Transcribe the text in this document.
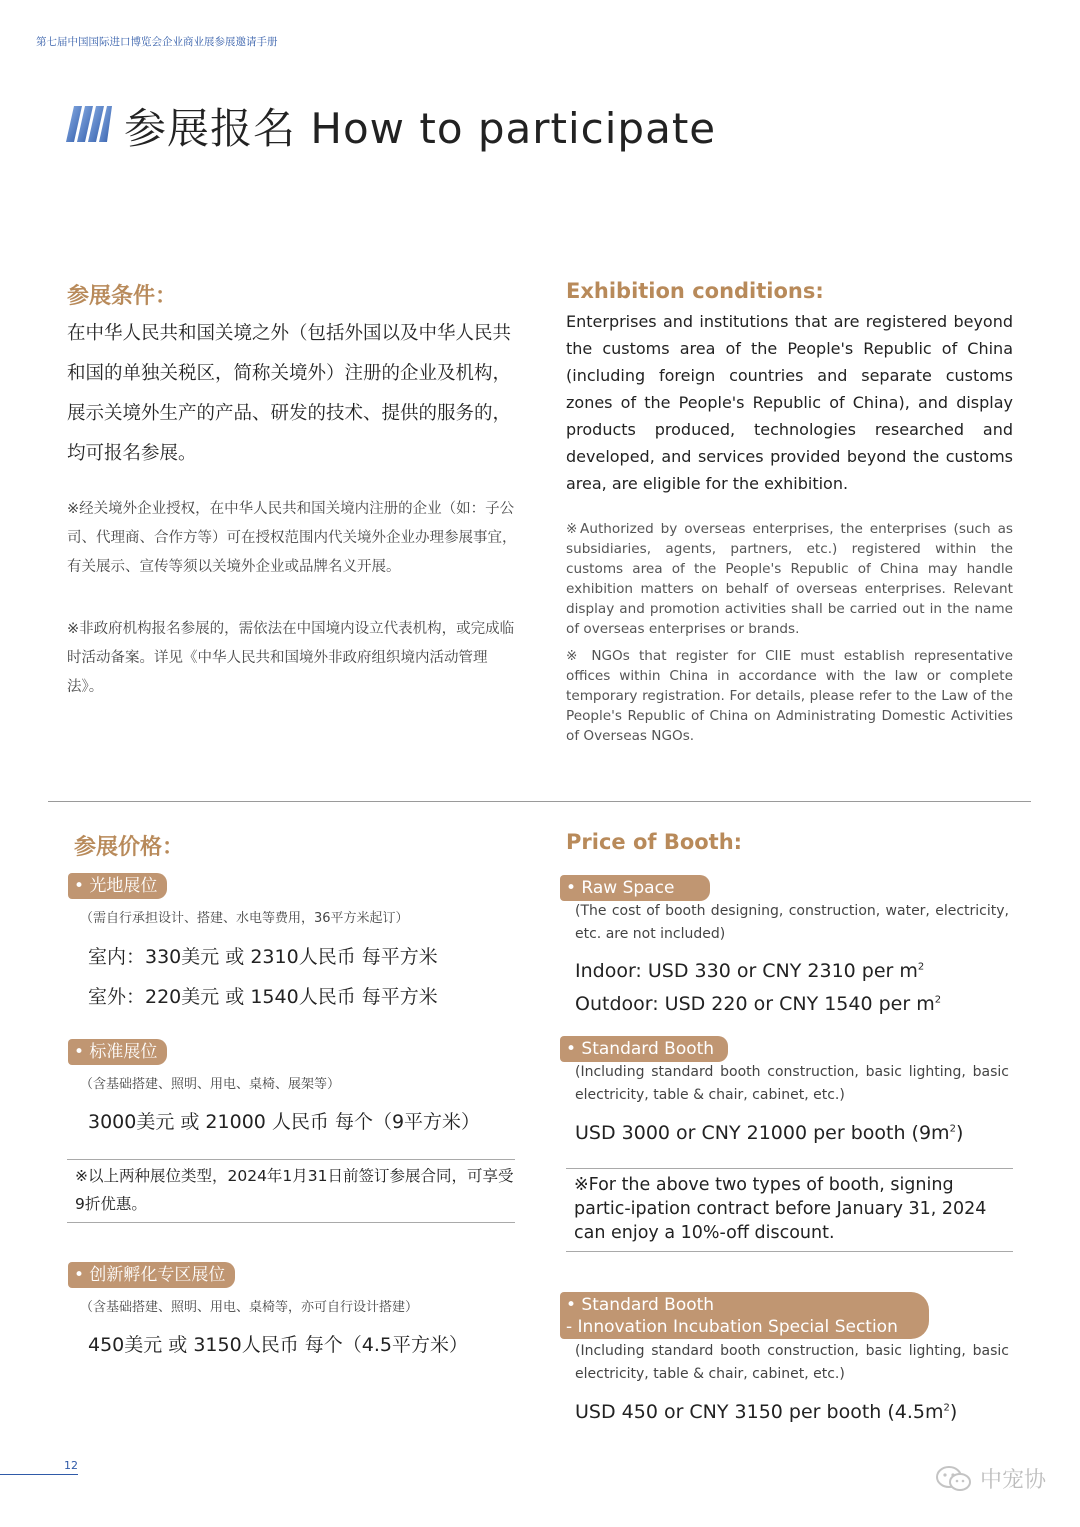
第七届中国国际进口博览会企业商业展参展邀请手册
参展报名 How to participate
参展条件：
在中华人民共和国关境之外（包括外国以及中华人民共和国的单独关税区，简称关境外）注册的企业及机构，展示关境外生产的产品、研发的技术、提供的服务的，均可报名参展。
※经关境外企业授权，在中华人民共和国关境内注册的企业（如：子公司、代理商、合作方等）可在授权范围内代关境外企业办理参展事宜，有关展示、宣传等须以关境外企业或品牌名义开展。
※非政府机构报名参展的，需依法在中国境内设立代表机构，或完成临时活动备案。详见《中华人民共和国境外非政府组织境内活动管理法》。
Exhibition conditions:
Enterprises and institutions that are registered beyond the customs area of the People's Republic of China (including foreign countries and separate customs zones of the People's Republic of China), and display products produced, technologies researched and developed, and services provided beyond the customs area, are eligible for the exhibition.
※Authorized by overseas enterprises, the enterprises (such as subsidiaries, agents, partners, etc.) registered within the customs area of the People's Republic of China may handle exhibition matters on behalf of overseas enterprises. Relevant display and promotion activities shall be carried out in the name of overseas enterprises or brands.
※ NGOs that register for CIIE must establish representative offices within China in accordance with the law or complete temporary registration. For details, please refer to the Law of the People's Republic of China on Administrating Domestic Activities of Overseas NGOs.
参展价格：
• 光地展位
（需自行承担设计、搭建、水电等费用，36平方米起订）
室内：330美元 或 2310人民币 每平方米
室外：220美元 或 1540人民币 每平方米
• 标准展位
（含基础搭建、照明、用电、桌椅、展架等）
3000美元 或 21000 人民币 每个（9平方米）
※以上两种展位类型，2024年1月31日前签订参展合同，可享受9折优惠。
• 创新孵化专区展位
（含基础搭建、照明、用电、桌椅等，亦可自行设计搭建）
450美元 或 3150人民币 每个（4.5平方米）
Price of Booth:
• Raw Space
(The cost of booth designing, construction, water, electricity, etc. are not included)
Indoor: USD 330 or CNY 2310 per $m^2$
Outdoor: USD 220 or CNY 1540 per $m^2$
• Standard Booth
(Including standard booth construction, basic lighting, basic electricity, table & chair, cabinet, etc.)
USD 3000 or CNY 21000 per booth $(9m^2)$
※For the above two types of booth, signing partic-ipation contract before January 31, 2024 can enjoy a 10%-off discount.
• Standard Booth
- Innovation Incubation Special Section
(Including standard booth construction, basic lighting, basic electricity, table & chair, cabinet, etc.)
USD 450 or CNY 3150 per booth $(4.5m^2)$
12
中宠协
